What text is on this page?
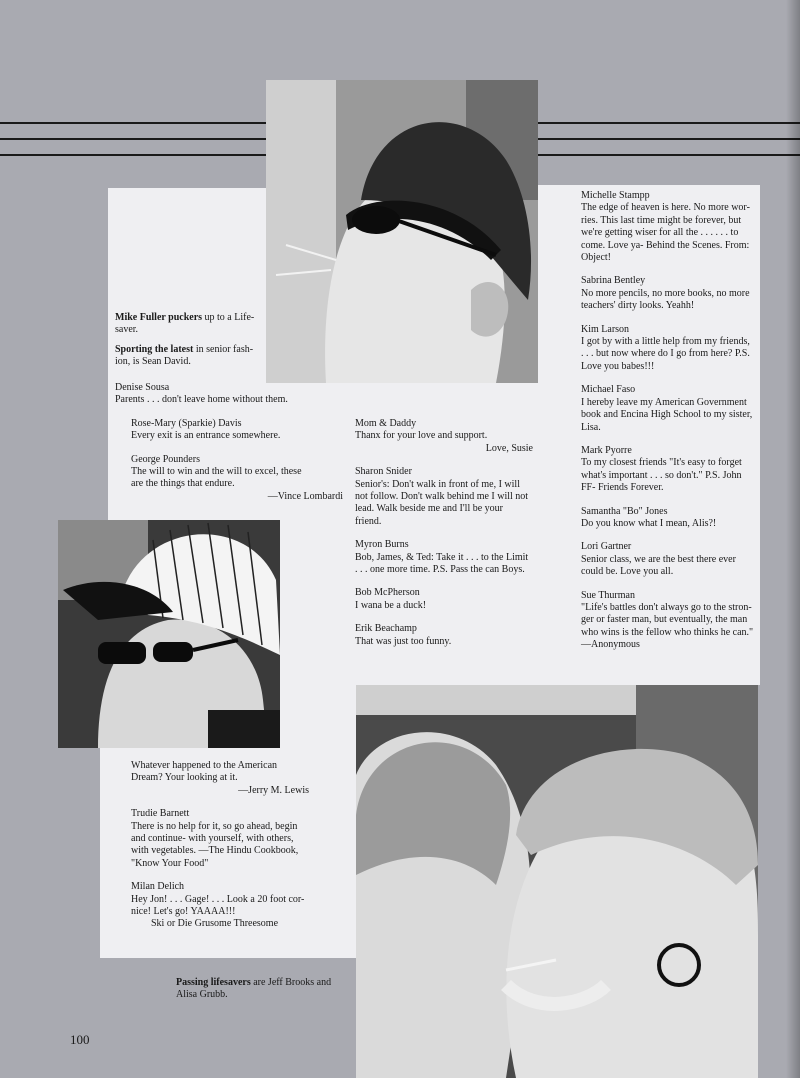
Mike Fuller puckers up to a Life-
saver.
Sporting the latest in senior fash-
ion, is Sean David.
Passing lifesavers are Jeff Brooks and
Alisa Grubb.
Denise Sousa
Parents . . . don't leave home without them.
Rose-Mary (Sparkie) Davis
Every exit is an entrance somewhere.
George Pounders
The will to win and the will to excel, these
are the things that endure.
—Vince Lombardi
Whatever happened to the American
Dream? Your looking at it.
—Jerry M. Lewis
Trudie Barnett
There is no help for it, so go ahead, begin
and continue- with yourself, with others,
with vegetables. —The Hindu Cookbook,
"Know Your Food"
Milan Delich
Hey Jon! . . . Gage! . . . Look a 20 foot cor-
nice! Let's go! YAAAA!!!
Ski or Die Grusome Threesome
Mom & Daddy
Thanx for your love and support.
Love, Susie
Sharon Snider
Senior's: Don't walk in front of me, I will
not follow. Don't walk behind me I will not
lead. Walk beside me and I'll be your
friend.
Myron Burns
Bob, James, & Ted: Take it . . . to the Limit
. . . one more time. P.S. Pass the can Boys.
Bob McPherson
I wana be a duck!
Erik Beachamp
That was just too funny.
Michelle Stampp
The edge of heaven is here. No more wor-
ries. This last time might be forever, but
we're getting wiser for all the . . . . . . to
come. Love ya- Behind the Scenes. From:
Object!
Sabrina Bentley
No more pencils, no more books, no more
teachers' dirty looks. Yeahh!
Kim Larson
I got by with a little help from my friends,
. . . but now where do I go from here? P.S.
Love you babes!!!
Michael Faso
I hereby leave my American Government
book and Encina High School to my sister,
Lisa.
Mark Pyorre
To my closest friends "It's easy to forget
what's important . . . so don't." P.S. John
FF- Friends Forever.
Samantha "Bo" Jones
Do you know what I mean, Alis?!
Lori Gartner
Senior class, we are the best there ever
could be. Love you all.
Sue Thurman
"Life's battles don't always go to the stron-
ger or faster man, but eventually, the man
who wins is the fellow who thinks he can."
—Anonymous
100
